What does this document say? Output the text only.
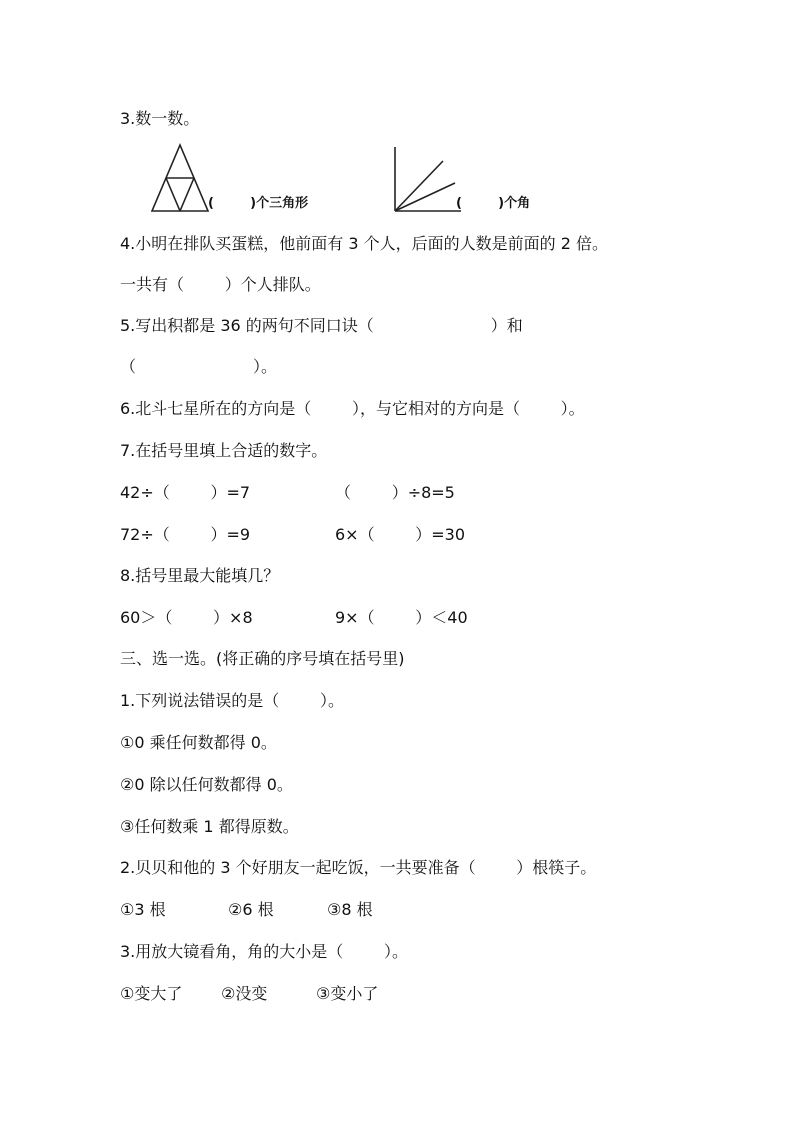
3.数一数。

(        )个三角形	(        )个角

4.小明在排队买蛋糕，他前面有 3 个人，后面的人数是前面的 2 倍。

一共有（        ）个人排队。

5.写出积都是 36 的两句不同口诀（                       ）和

（                       ）。

6.北斗七星所在的方向是（        ），与它相对的方向是（        ）。

7.在括号里填上合适的数字。

42÷（        ）=7	（        ）÷8=5

72÷（        ）=9	6×（        ）=30

8.括号里最大能填几？

60＞（        ）×8	9×（        ）＜40

三、选一选。(将正确的序号填在括号里)

1.下列说法错误的是（        ）。

①0 乘任何数都得 0。

②0 除以任何数都得 0。

③任何数乘 1 都得原数。

2.贝贝和他的 3 个好朋友一起吃饭，一共要准备（        ）根筷子。

①3 根	②6 根	③8 根

3.用放大镜看角，角的大小是（        ）。

①变大了 ②没变	③变小了
